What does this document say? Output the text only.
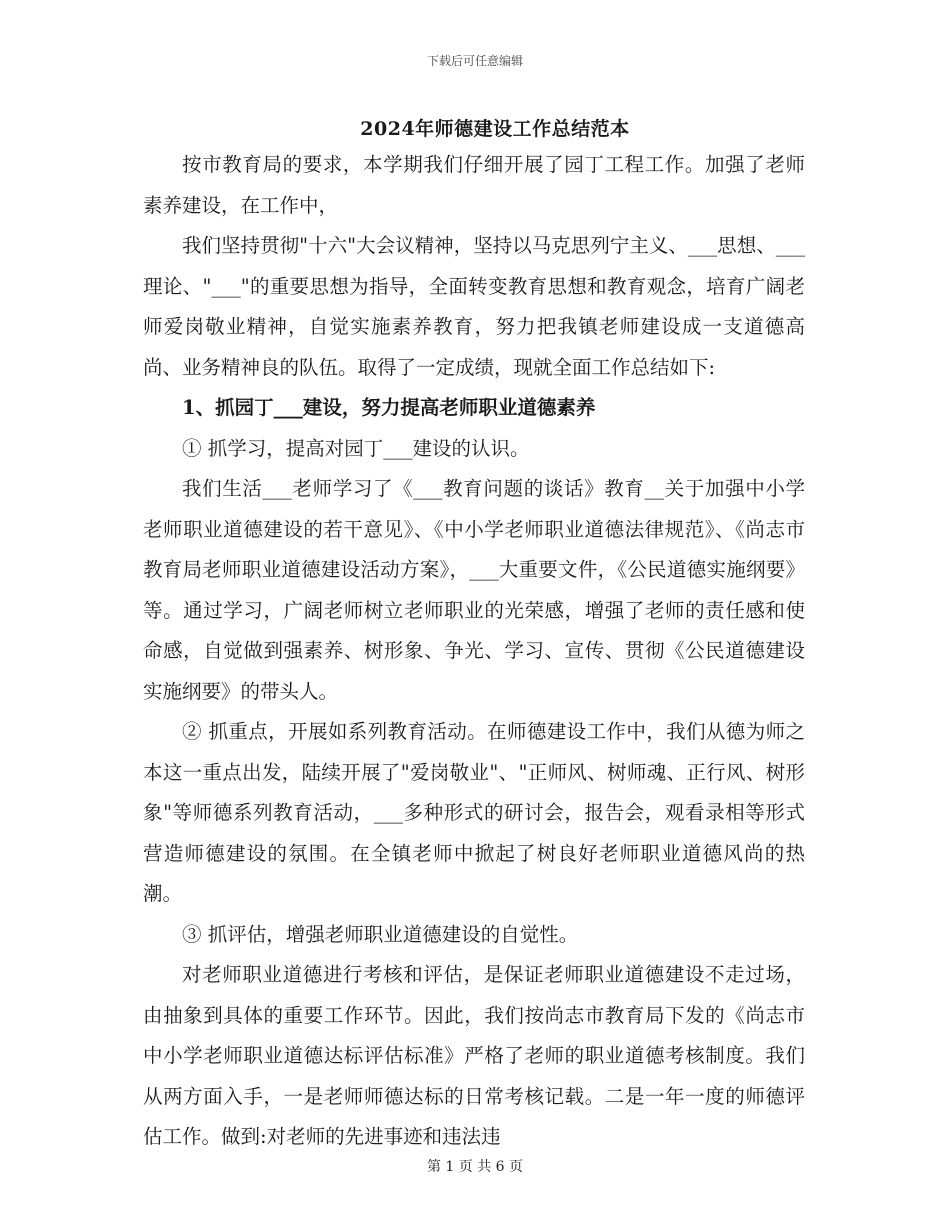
下载后可任意编辑
2024年师德建设工作总结范本

按市教育局的要求，本学期我们仔细开展了园丁工程工作。加强了老师素养建设，在工作中，

我们坚持贯彻"十六"大会议精神，坚持以马克思列宁主义、___思想、___理论、"___"的重要思想为指导，全面转变教育思想和教育观念，培育广阔老师爱岗敬业精神，自觉实施素养教育，努力把我镇老师建设成一支道德高尚、业务精神良的队伍。取得了一定成绩，现就全面工作总结如下:

1、抓园丁___建设，努力提高老师职业道德素养

① 抓学习，提高对园丁___建设的认识。

我们生活___老师学习了《___教育问题的谈话》教育__关于加强中小学老师职业道德建设的若干意见》、《中小学老师职业道德法律规范》、《尚志市教育局老师职业道德建设活动方案》，___大重要文件，《公民道德实施纲要》等。通过学习，广阔老师树立老师职业的光荣感，增强了老师的责任感和使命感，自觉做到强素养、树形象、争光、学习、宣传、贯彻《公民道德建设实施纲要》的带头人。

② 抓重点，开展如系列教育活动。在师德建设工作中，我们从德为师之本这一重点出发，陆续开展了"爱岗敬业"、"正师风、树师魂、正行风、树形象"等师德系列教育活动，___多种形式的研讨会，报告会，观看录相等形式营造师德建设的氛围。在全镇老师中掀起了树良好老师职业道德风尚的热潮。

③ 抓评估，增强老师职业道德建设的自觉性。

对老师职业道德进行考核和评估，是保证老师职业道德建设不走过场，由抽象到具体的重要工作环节。因此，我们按尚志市教育局下发的《尚志市中小学老师职业道德达标评估标准》严格了老师的职业道德考核制度。我们从两方面入手，一是老师师德达标的日常考核记载。二是一年一度的师德评估工作。做到:对老师的先进事迹和违法违

第 1 页 共 6 页
